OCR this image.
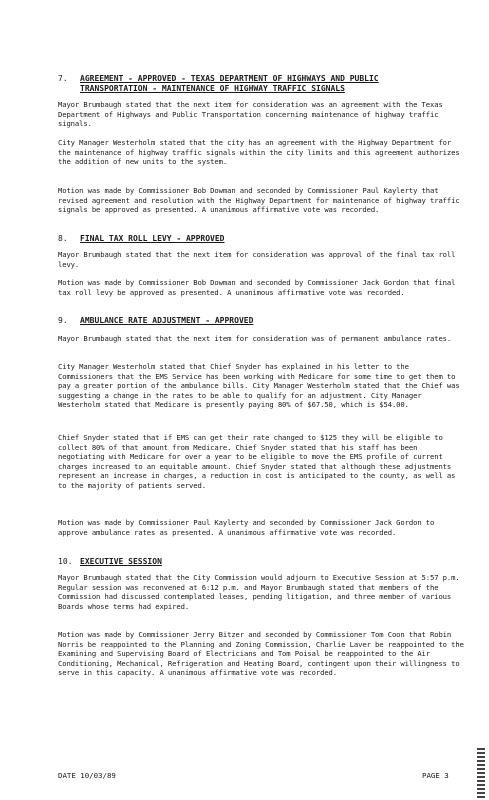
7. AGREEMENT - APPROVED - TEXAS DEPARTMENT OF HIGHWAYS AND PUBLIC
TRANSPORTATION - MAINTENANCE OF HIGHWAY TRAFFIC SIGNALS
Mayor Brumbaugh stated that the next item for consideration was an agreement with the Texas Department of Highways and Public Transportation concerning maintenance of highway traffic signals.
City Manager Westerholm stated that the city has an agreement with the Highway Department for the maintenance of highway traffic signals within the city limits and this agreement authorizes the addition of new units to the system.
Motion was made by Commissioner Bob Dowman and seconded by Commissioner Paul Kaylerty that revised agreement and resolution with the Highway Department for maintenance of highway traffic signals be approved as presented. A unanimous affirmative vote was recorded.
8. FINAL TAX ROLL LEVY - APPROVED
Mayor Brumbaugh stated that the next item for consideration was approval of the final tax roll levy.
Motion was made by Commissioner Bob Dowman and seconded by Commissioner Jack Gordon that final tax roll levy be approved as presented. A unanimous affirmative vote was recorded.
9. AMBULANCE RATE ADJUSTMENT - APPROVED
Mayor Brumbaugh stated that the next item for consideration was of permanent ambulance rates.
City Manager Westerholm stated that Chief Snyder has explained in his letter to the Commissioners that the EMS Service has been working with Medicare for some time to get them to pay a greater portion of the ambulance bills. City Manager Westerholm stated that the Chief was suggesting a change in the rates to be able to qualify for an adjustment. City Manager Westerholm stated that Medicare is presently paying 80% of $67.50, which is $54.00.
Chief Snyder stated that if EMS can get their rate changed to $125 they will be eligible to collect 80% of that amount from Medicare. Chief Snyder stated that his staff has been negotiating with Medicare for over a year to be eligible to move the EMS profile of current charges increased to an equitable amount. Chief Snyder stated that although these adjustments represent an increase in charges, a reduction in cost is anticipated to the county, as well as to the majority of patients served.
Motion was made by Commissioner Paul Kaylerty and seconded by Commissioner Jack Gordon to approve ambulance rates as presented. A unanimous affirmative vote was recorded.
10. EXECUTIVE SESSION
Mayor Brumbaugh stated that the City Commission would adjourn to Executive Session at 5:57 p.m. Regular session was reconvened at 6:12 p.m. and Mayor Brumbaugh stated that members of the Commission had discussed contemplated leases, pending litigation, and three member of various Boards whose terms had expired.
Motion was made by Commissioner Jerry Bitzer and seconded by Commissioner Tom Coon that Robin Norris be reappointed to the Planning and Zoning Commission, Charlie Laver be reappointed to the Examining and Supervising Board of Electricians and Tom Poisal be reappointed to the Air Conditioning, Mechanical, Refrigeration and Heating Board, contingent upon their willingness to serve in this capacity. A unanimous affirmative vote was recorded.
DATE 10/03/89	PAGE 3
